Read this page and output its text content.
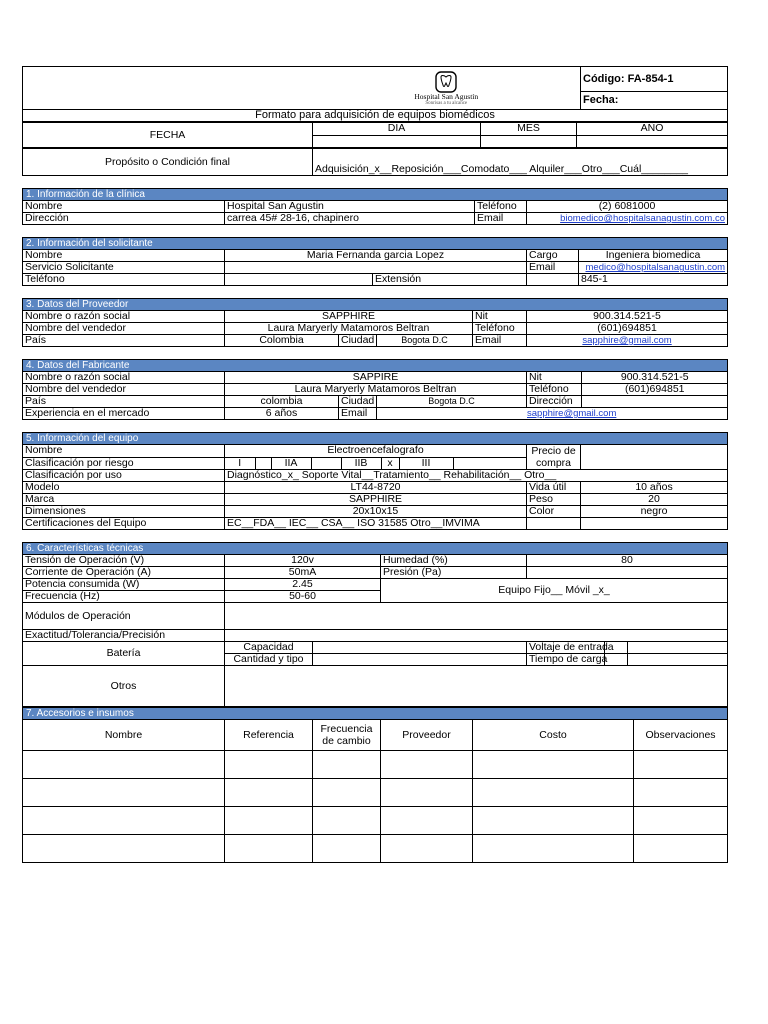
Hospital San Agustín
Sonrisas a tu alcance
	Código: FA-854-1
Fecha:
Formato para adquisición de equipos biomédicos
FECHA	DIA	MES	AÑO

Propósito o Condición final	Adquisición_x__Reposición___Comodato___ Alquiler___Otro___Cuál________
1. Información de la clínica			
Nombre	Hospital San Agustin	Teléfono	(2) 6081000
Dirección	carrea 45# 28-16, chapinero	Email	biomedico@hospitalsanagustin.com.co
2. Información del solicitante				
Nombre	Maria Fernanda garcia Lopez		Cargo	Ingeniera biomedica
Servicio Solicitante			Email	medico@hospitalsanagustin.com
Teléfono		Extensión		845-1
3. Datos del Proveedor					
Nombre o razón social	SAPPHIRE			Nit	900.314.521-5
Nombre del vendedor	Laura Maryerly Matamoros Beltran			Teléfono	(601)694851
País	Colombia	Ciudad	Bogota D.C	Email	sapphire@gmail.com
4. Datos del Fabricante
Nombre o razón social	SAPPIRE		Nit	900.314.521-5

Nombre del vendedor	Laura Maryerly Matamoros Beltran		Teléfono	(601)694851

País	colombia	Ciudad	Bogota D.C		Dirección	

Experiencia en el mercado	6 años	Email	sapphire@gmail.com
5. Información del equipo
Nombre	Electroencefalografo	Precio de
compra

Clasificación por riesgo		I		IIA		IIB	x	III	

Clasificación por uso	Diagnóstico_x_ Soporte Vital__Tratamiento__ Rehabilitación__ Otro__	
Modelo	LT44-8720	Vida útil	10 años
Marca	SAPPHIRE	Peso	20
Dimensiones	20x10x15	Color	negro
Certificaciones del Equipo	EC__FDA__ IEC__ CSA__ ISO 31585 Otro__IMVIMA		
6. Características técnicas					
Tensión de Operación (V)	120v		Humedad (%)	80	
Corriente de Operación (A)	50mA		Presión (Pa)		
Potencia consumida (W)	2.45		Equipo Fijo__ Móvil _x_		
Frecuencia (Hz)	50-60				
Módulos de Operación					
Exactitud/Tolerancia/Precisión					
Batería	Capacidad			Voltaje de entrada	

	Cantidad y tipo			Tiempo de carga	

Otros					
7. Accesorios e insumos					
Nombre	Referencia	Frecuencia de cambio	Proveedor	Costo	Observaciones
